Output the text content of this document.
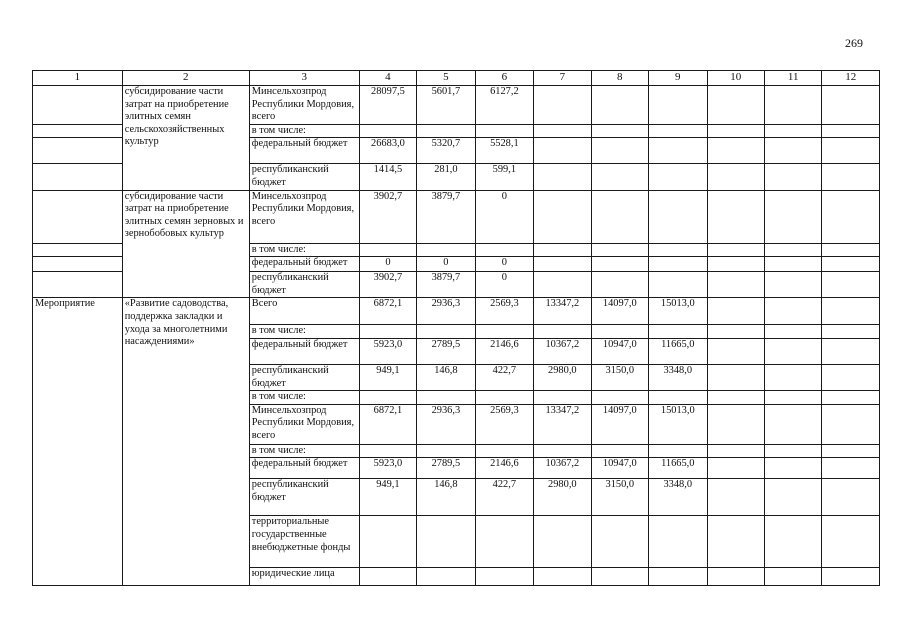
269
1	2	3	4	5	6	7	8	9	10	11	12
	субсидирование части затрат на приобретение элитных семян сельскохозяйственных культур	Минсельхозпрод Республики Мордовия, всего	28097,5	5601,7	6127,2						
		в том числе:									
		федеральный бюджет	26683,0	5320,7	5528,1						
		республиканский бюджет	1414,5	281,0	599,1						
	субсидирование части затрат на приобретение элитных семян зерновых и зернобобовых культур	Минсельхозпрод Республики Мордовия, всего	3902,7	3879,7	0						
		в том числе:									
		федеральный бюджет	0	0	0						
		республиканский бюджет	3902,7	3879,7	0						
Мероприятие	«Развитие садоводства, поддержка закладки и ухода за многолетними насаждениями»	Всего	6872,1	2936,3	2569,3	13347,2	14097,0	15013,0			
		в том числе:									
		федеральный бюджет	5923,0	2789,5	2146,6	10367,2	10947,0	11665,0			
		республиканский бюджет	949,1	146,8	422,7	2980,0	3150,0	3348,0			
		в том числе:									
		Минсельхозпрод Республики Мордовия, всего	6872,1	2936,3	2569,3	13347,2	14097,0	15013,0			
		в том числе:									
		федеральный бюджет	5923,0	2789,5	2146,6	10367,2	10947,0	11665,0			
		республиканский бюджет	949,1	146,8	422,7	2980,0	3150,0	3348,0			
		территориальные государственные внебюджетные фонды									
		юридические лица									
